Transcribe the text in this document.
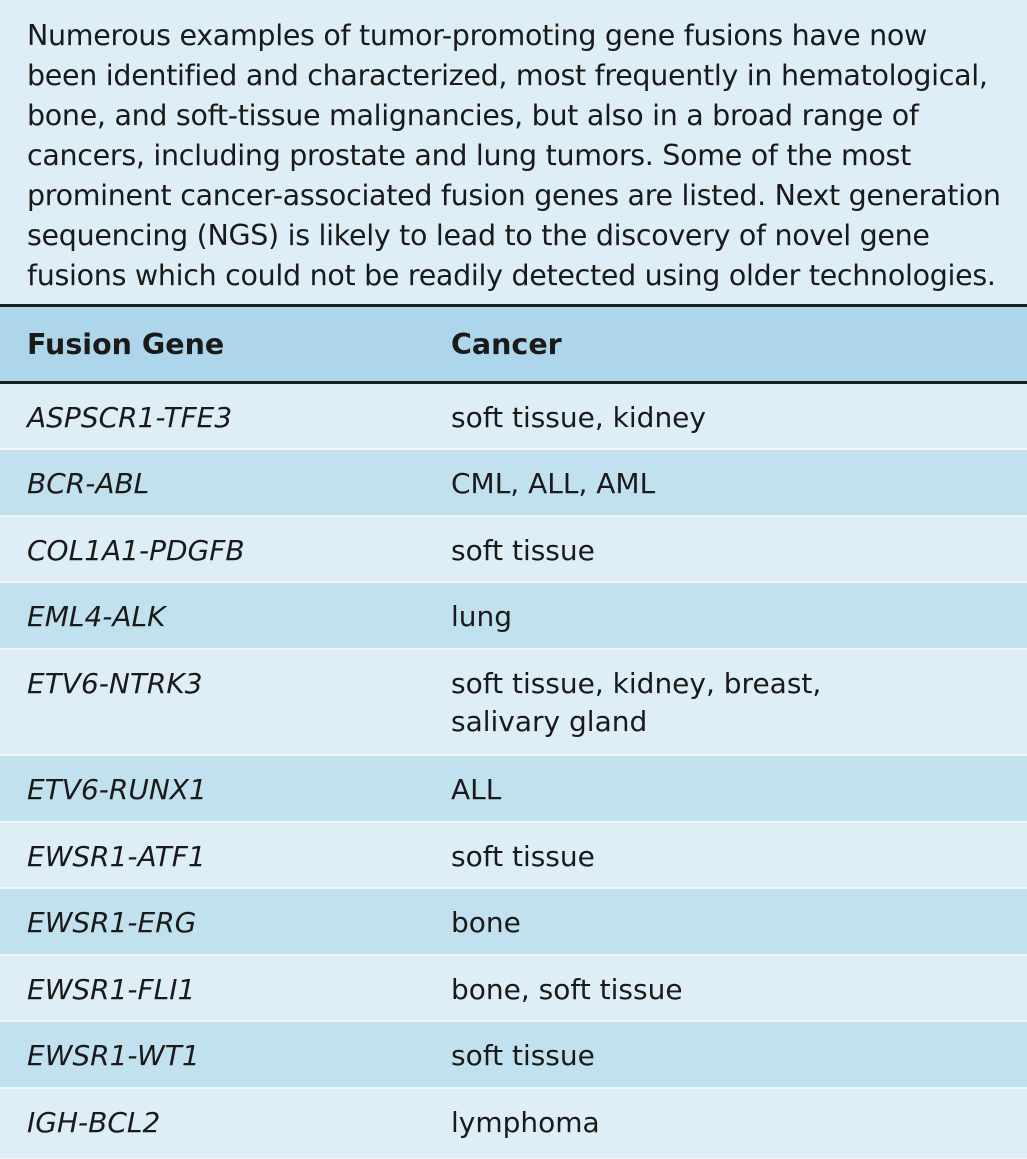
Numerous examples of tumor-promoting gene fusions have now been identified and characterized, most frequently in hematological, bone, and soft-tissue malignancies, but also in a broad range of cancers, including prostate and lung tumors. Some of the most prominent cancer-associated fusion genes are listed. Next generation sequencing (NGS) is likely to lead to the discovery of novel gene fusions which could not be readily detected using older technologies.
Fusion Gene	Cancer
ASPSCR1-TFE3	soft tissue, kidney
BCR-ABL	CML, ALL, AML
COL1A1-PDGFB	soft tissue
EML4-ALK	lung
ETV6-NTRK3	soft tissue, kidney, breast, salivary gland
ETV6-RUNX1	ALL
EWSR1-ATF1	soft tissue
EWSR1-ERG	bone
EWSR1-FLI1	bone, soft tissue
EWSR1-WT1	soft tissue
IGH-BCL2	lymphoma
